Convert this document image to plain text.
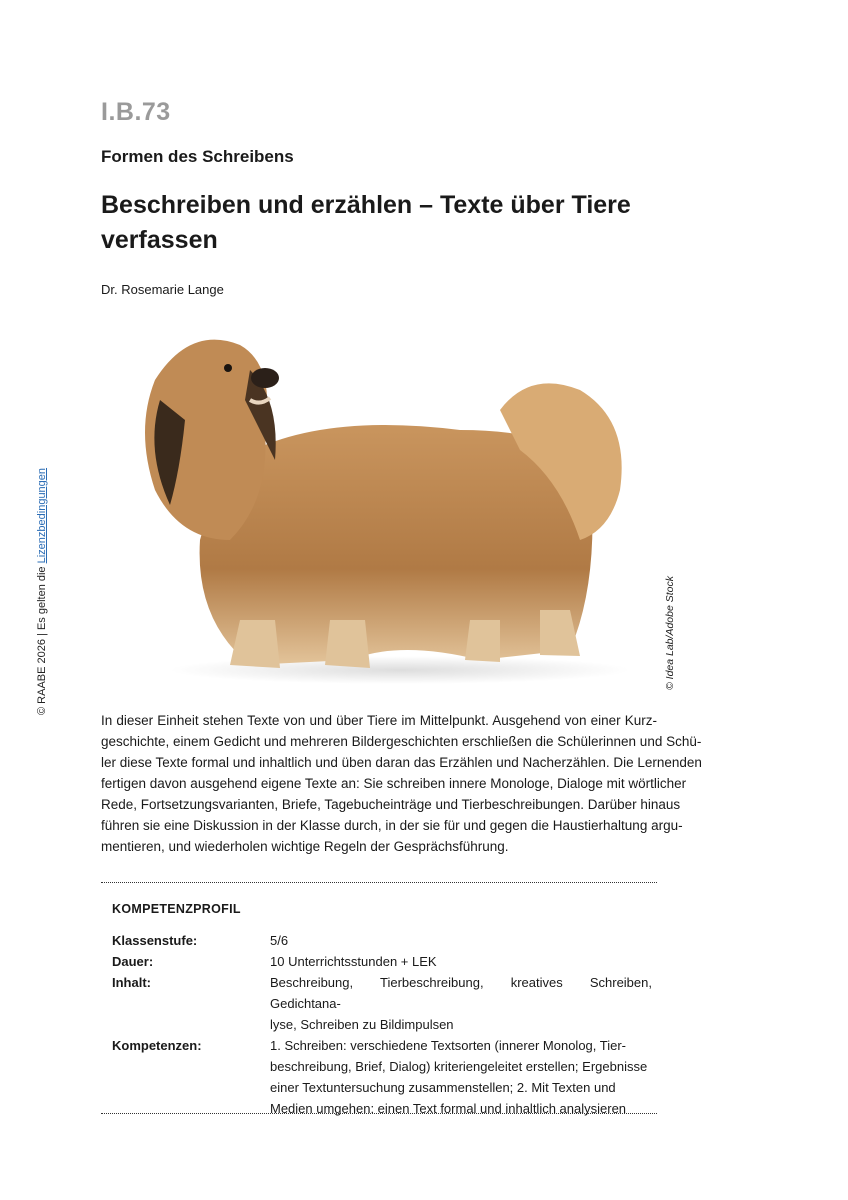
I.B.73
Formen des Schreibens
Beschreiben und erzählen – Texte über Tiere verfassen
Dr. Rosemarie Lange
© RAABE 2026 | Es gelten die Lizenzbedingungen
© Idea Lab/Adobe Stock
In dieser Einheit stehen Texte von und über Tiere im Mittelpunkt. Ausgehend von einer Kurz-
geschichte, einem Gedicht und mehreren Bildergeschichten erschließen die Schülerinnen und Schü-
ler diese Texte formal und inhaltlich und üben daran das Erzählen und Nacherzählen. Die Lernenden
fertigen davon ausgehend eigene Texte an: Sie schreiben innere Monologe, Dialoge mit wörtlicher
Rede, Fortsetzungsvarianten, Briefe, Tagebucheinträge und Tierbeschreibungen. Darüber hinaus
führen sie eine Diskussion in der Klasse durch, in der sie für und gegen die Haustierhaltung argu-
mentieren, und wiederholen wichtige Regeln der Gesprächsführung.
KOMPETENZPROFIL
Klassenstufe:	5/6
Dauer:	10 Unterrichtsstunden + LEK
Inhalt:	Beschreibung, Tierbeschreibung, kreatives Schreiben, Gedichtana-
lyse, Schreiben zu Bildimpulsen
Kompetenzen:	1. Schreiben: verschiedene Textsorten (innerer Monolog, Tier-
beschreibung, Brief, Dialog) kriteriengeleitet erstellen; Ergebnisse
einer Textuntersuchung zusammenstellen; 2. Mit Texten und
Medien umgehen: einen Text formal und inhaltlich analysieren
